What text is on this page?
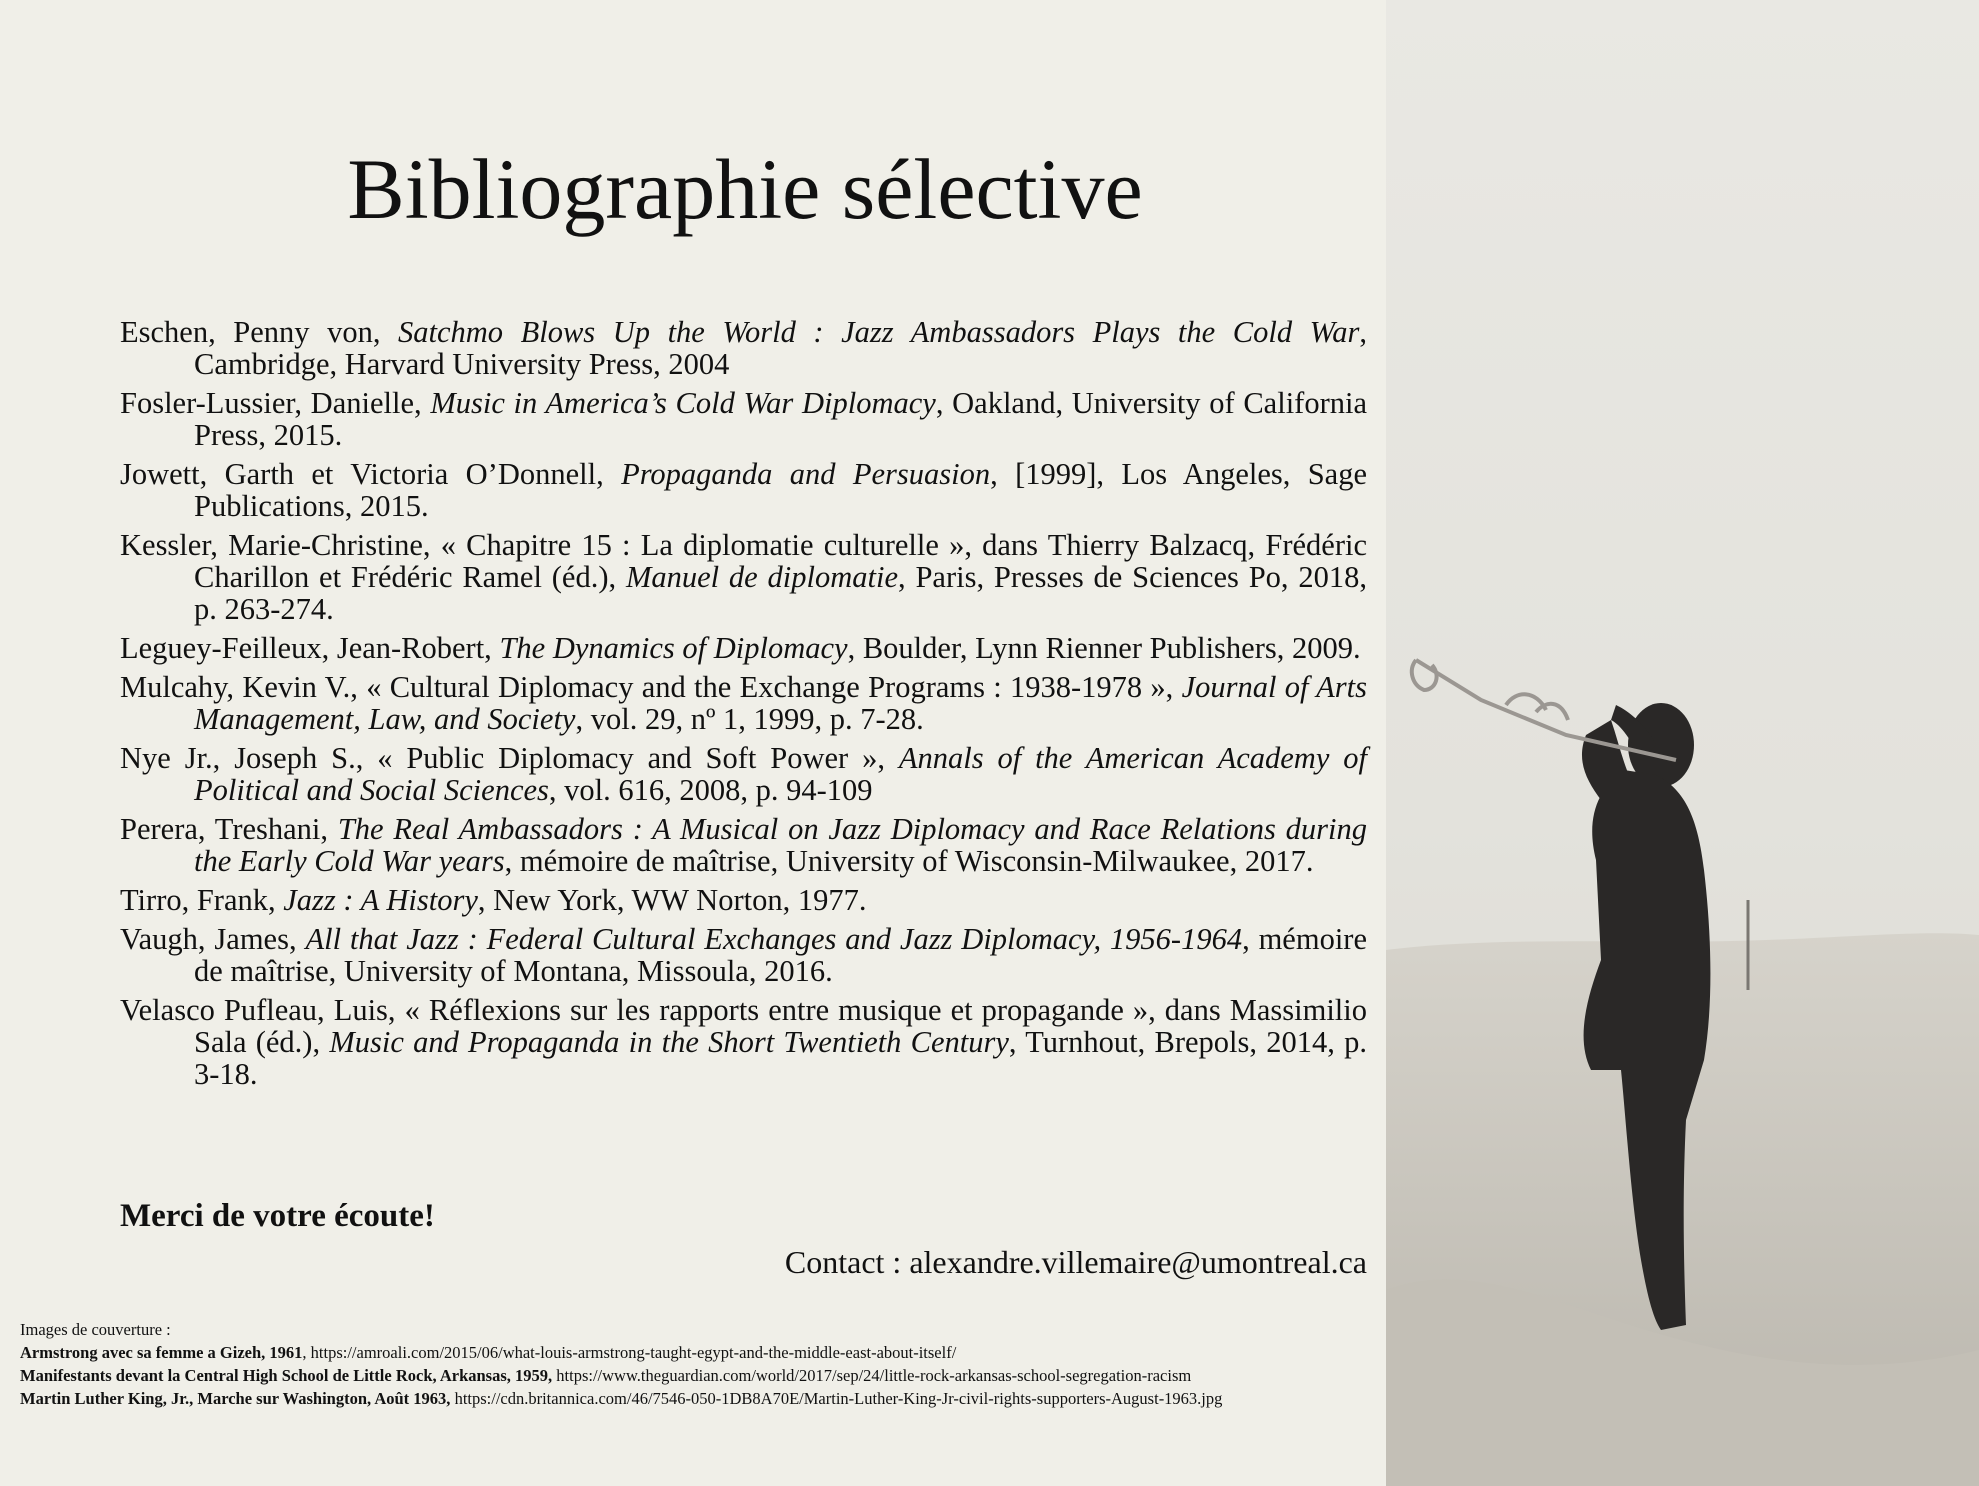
Bibliographie sélective
Eschen, Penny von, Satchmo Blows Up the World : Jazz Ambassadors Plays the Cold War, Cambridge, Harvard University Press, 2004
Fosler-Lussier, Danielle, Music in America’s Cold War Diplomacy, Oakland, University of California Press, 2015.
Jowett, Garth et Victoria O’Donnell, Propaganda and Persuasion, [1999], Los Angeles, Sage Publications, 2015.
Kessler, Marie-Christine, « Chapitre 15 : La diplomatie culturelle », dans Thierry Balzacq, Frédéric Charillon et Frédéric Ramel (éd.), Manuel de diplomatie, Paris, Presses de Sciences Po, 2018, p. 263-274.
Leguey-Feilleux, Jean-Robert, The Dynamics of Diplomacy, Boulder, Lynn Rienner Publishers, 2009.
Mulcahy, Kevin V., « Cultural Diplomacy and the Exchange Programs : 1938-1978 », Journal of Arts Management, Law, and Society, vol. 29, nº 1, 1999, p. 7-28.
Nye Jr., Joseph S., « Public Diplomacy and Soft Power », Annals of the American Academy of Political and Social Sciences, vol. 616, 2008, p. 94-109
Perera, Treshani, The Real Ambassadors : A Musical on Jazz Diplomacy and Race Relations during the Early Cold War years, mémoire de maîtrise, University of Wisconsin-Milwaukee, 2017.
Tirro, Frank, Jazz : A History, New York, WW Norton, 1977.
Vaugh, James, All that Jazz : Federal Cultural Exchanges and Jazz Diplomacy, 1956-1964, mémoire de maîtrise, University of Montana, Missoula, 2016.
Velasco Pufleau, Luis, « Réflexions sur les rapports entre musique et propagande », dans Massimilio Sala (éd.), Music and Propaganda in the Short Twentieth Century, Turnhout, Brepols, 2014, p. 3-18.
Merci de votre écoute!
Contact : alexandre.villemaire@umontreal.ca
Images de couverture :
Armstrong avec sa femme a Gizeh, 1961, https://amroali.com/2015/06/what-louis-armstrong-taught-egypt-and-the-middle-east-about-itself/
Manifestants devant la Central High School de Little Rock, Arkansas, 1959, https://www.theguardian.com/world/2017/sep/24/little-rock-arkansas-school-segregation-racism
Martin Luther King, Jr., Marche sur Washington, Août 1963, https://cdn.britannica.com/46/7546-050-1DB8A70E/Martin-Luther-King-Jr-civil-rights-supporters-August-1963.jpg
